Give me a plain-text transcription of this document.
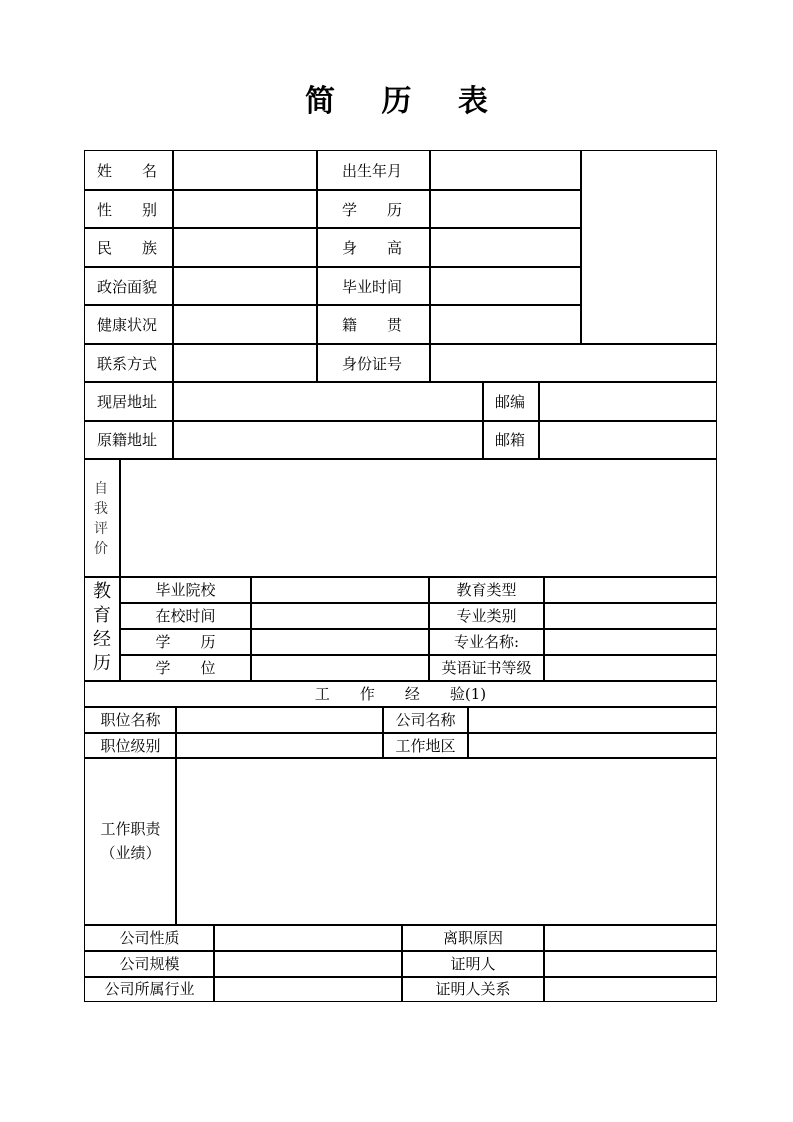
简 历 表
姓　　名	出生年月
性　　别	学　　历
民　　族	身　　高
政治面貌	毕业时间
健康状况	籍　　贯
联系方式	身份证号
现居地址	邮编
原籍地址	邮箱
自
我
评
价
教
育
经
历
毕业院校	教育类型
在校时间	专业类别
学　　历	专业名称:
学　　位	英语证书等级
工　　作　　经　　验(1)
职位名称	公司名称
职位级别	工作地区
工作职责
（业绩）
公司性质	离职原因
公司规模	证明人
公司所属行业	证明人关系
